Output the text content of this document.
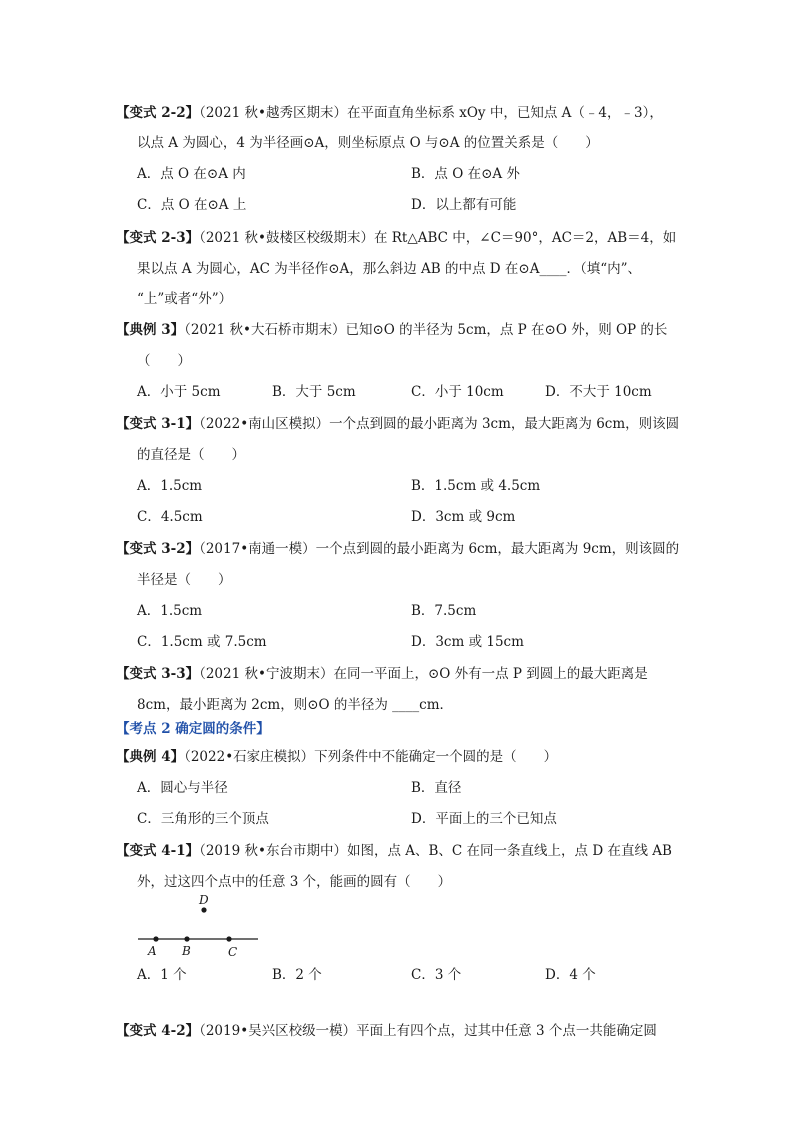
【变式 2-2】（2021 秋•越秀区期末）在平面直角坐标系 xOy 中，已知点 A（﹣4，﹣3），
以点 A 为圆心，4 为半径画⊙A，则坐标原点 O 与⊙A 的位置关系是（　　）
A．点 O 在⊙A 内	B．点 O 在⊙A 外
C．点 O 在⊙A 上	D．以上都有可能
【变式 2-3】（2021 秋•鼓楼区校级期末）在 Rt△ABC 中，∠C＝90°，AC＝2，AB＝4，如
果以点 A 为圆心，AC 为半径作⊙A，那么斜边 AB 的中点 D 在⊙A____．（填“内”、
“上”或者“外”）
【典例 3】（2021 秋•大石桥市期末）已知⊙O 的半径为 5cm，点 P 在⊙O 外，则 OP 的长
（　　）
A．小于 5cm	B．大于 5cm	C．小于 10cm	D．不大于 10cm
【变式 3-1】（2022•南山区模拟）一个点到圆的最小距离为 3cm，最大距离为 6cm，则该圆
的直径是（　　）
A．1.5cm	B．1.5cm 或 4.5cm
C．4.5cm	D．3cm 或 9cm
【变式 3-2】（2017•南通一模）一个点到圆的最小距离为 6cm，最大距离为 9cm，则该圆的
半径是（　　）
A．1.5cm	B．7.5cm
C．1.5cm 或 7.5cm	D．3cm 或 15cm
【变式 3-3】（2021 秋•宁波期末）在同一平面上，⊙O 外有一点 P 到圆上的最大距离是
8cm，最小距离为 2cm，则⊙O 的半径为 ____cm．
【考点 2 确定圆的条件】
【典例 4】（2022•石家庄模拟）下列条件中不能确定一个圆的是（　　）
A．圆心与半径	B．直径
C．三角形的三个顶点	D．平面上的三个已知点
【变式 4-1】（2019 秋•东台市期中）如图，点 A、B、C 在同一条直线上，点 D 在直线 AB
外，过这四个点中的任意 3 个，能画的圆有（　　）
A B	C
D
A．1 个	B．2 个	C．3 个	D．4 个
【变式 4-2】（2019•吴兴区校级一模）平面上有四个点，过其中任意 3 个点一共能确定圆
